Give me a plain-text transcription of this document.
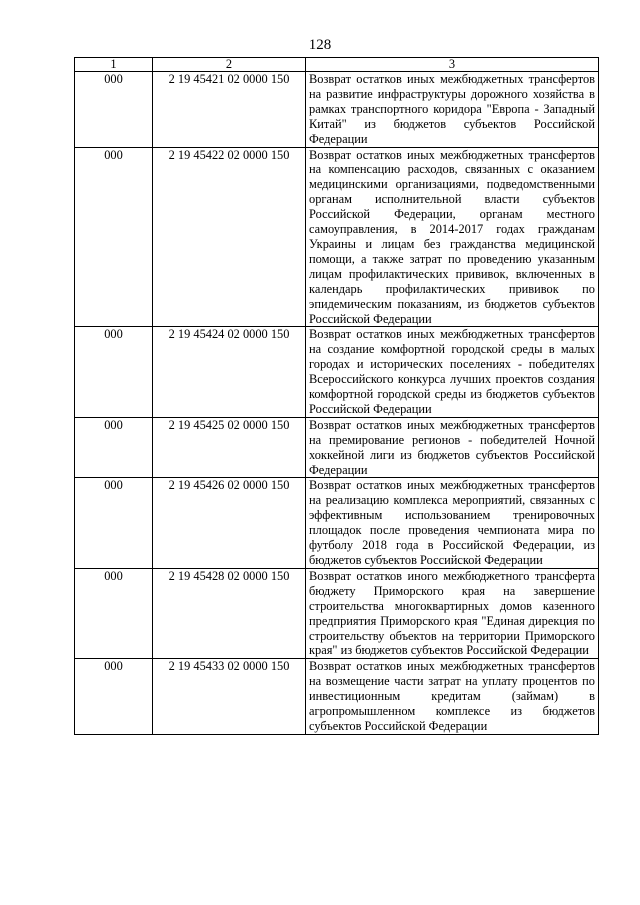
128
1	2	3
000	2 19 45421 02 0000 150	Возврат остатков иных межбюджетных трансфертов на развитие инфраструктуры дорожного хозяйства в рамках транспортного коридора "Европа - Западный Китай" из бюджетов субъектов Российской Федерации
000	2 19 45422 02 0000 150	Возврат остатков иных межбюджетных трансфертов на компенсацию расходов, связанных с оказанием медицинскими организациями, подведомственными органам исполнительной власти субъектов Российской Федерации, органам местного самоуправления, в 2014-2017 годах гражданам Украины и лицам без гражданства медицинской помощи, а также затрат по проведению указанным лицам профилактических прививок, включенных в календарь профилактических прививок по эпидемическим показаниям, из бюджетов субъектов Российской Федерации
000	2 19 45424 02 0000 150	Возврат остатков иных межбюджетных трансфертов на создание комфортной городской среды в малых городах и исторических поселениях - победителях Всероссийского конкурса лучших проектов создания комфортной городской среды из бюджетов субъектов Российской Федерации
000	2 19 45425 02 0000 150	Возврат остатков иных межбюджетных трансфертов на премирование регионов - победителей Ночной хоккейной лиги из бюджетов субъектов Российской Федерации
000	2 19 45426 02 0000 150	Возврат остатков иных межбюджетных трансфертов на реализацию комплекса мероприятий, связанных с эффективным использованием тренировочных площадок после проведения чемпионата мира по футболу 2018 года в Российской Федерации, из бюджетов субъектов Российской Федерации
000	2 19 45428 02 0000 150	Возврат остатков иного межбюджетного трансферта бюджету Приморского края на завершение строительства многоквартирных домов казенного предприятия Приморского края "Единая дирекция по строительству объектов на территории Приморского края" из бюджетов субъектов Российской Федерации
000	2 19 45433 02 0000 150	Возврат остатков иных межбюджетных трансфертов на возмещение части затрат на уплату процентов по инвестиционным кредитам (займам) в агропромышленном комплексе из бюджетов субъектов Российской Федерации
